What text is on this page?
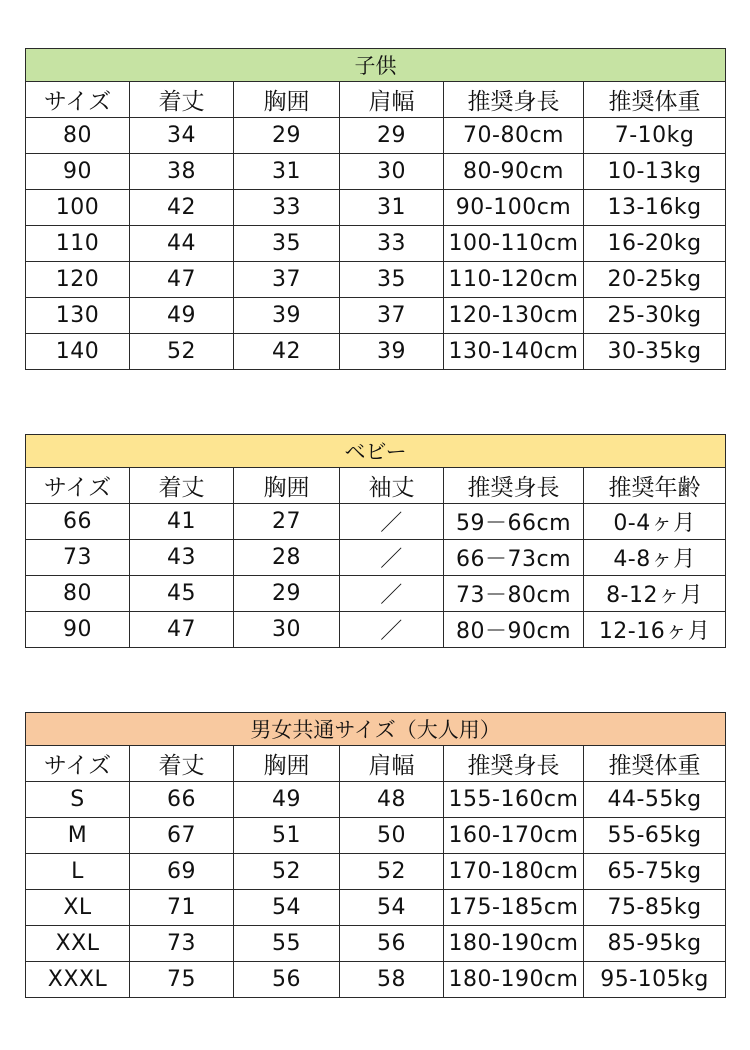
子供					
サイズ	着丈	胸囲	肩幅	推奨身長	推奨体重
80	34	29	29	70-80cm	7-10kg
90	38	31	30	80-90cm	10-13kg
100	42	33	31	90-100cm	13-16kg
110	44	35	33	100-110cm	16-20kg
120	47	37	35	110-120cm	20-25kg
130	49	39	37	120-130cm	25-30kg
140	52	42	39	130-140cm	30-35kg
ベビー					
サイズ	着丈	胸囲	袖丈	推奨身長	推奨年齢
66	41	27	／	59－66cm	0-4ヶ月
73	43	28	／	66－73cm	4-8ヶ月
80	45	29	／	73－80cm	8-12ヶ月
90	47	30	／	80－90cm	12-16ヶ月
男女共通サイズ（大人用）					
サイズ	着丈	胸囲	肩幅	推奨身長	推奨体重
S	66	49	48	155-160cm	44-55kg
M	67	51	50	160-170cm	55-65kg
L	69	52	52	170-180cm	65-75kg
XL	71	54	54	175-185cm	75-85kg
XXL	73	55	56	180-190cm	85-95kg
XXXL	75	56	58	180-190cm	95-105kg
